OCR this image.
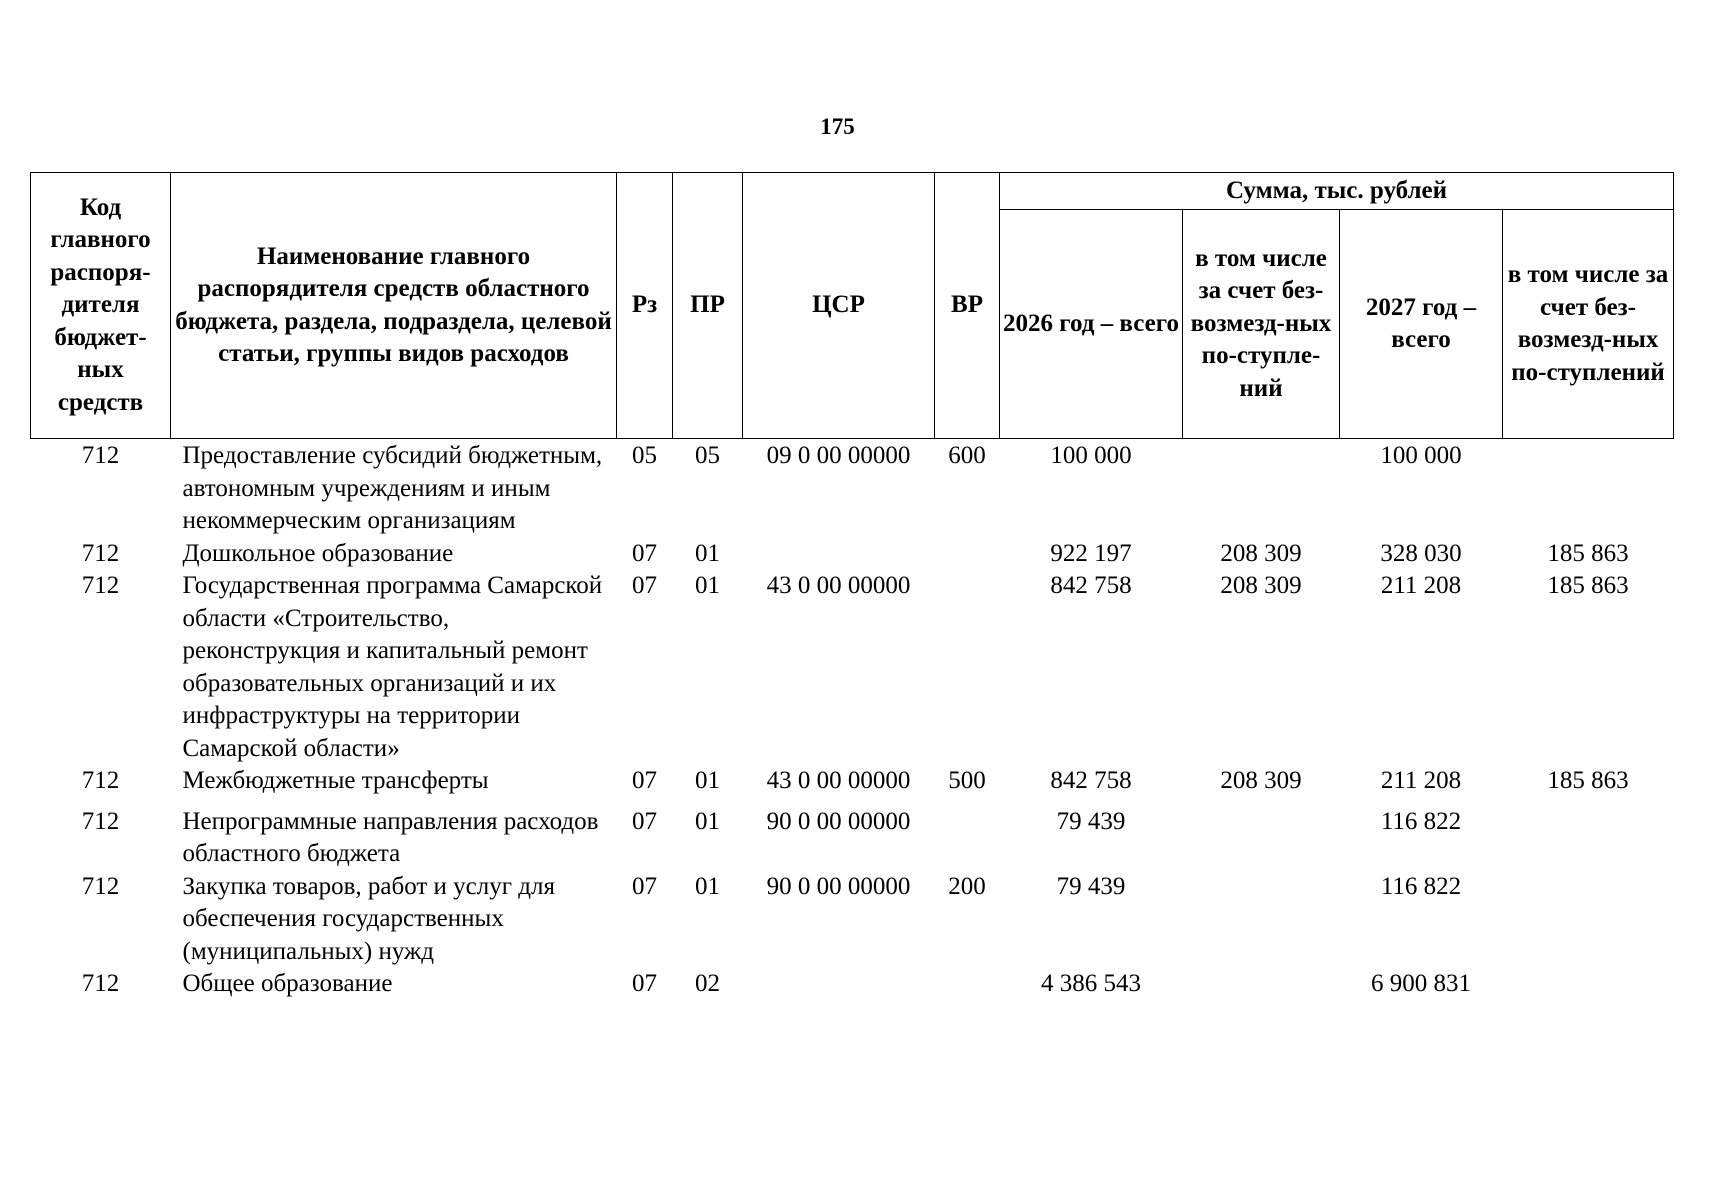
175
Код главного распоря-дителя бюджет-ных средств	Наименование главного распорядителя средств областного бюджета, раздела, подраздела, целевой статьи, группы видов расходов	Рз	ПР	ЦСР	ВР	Сумма, тыс. рублей			
						2026 год – всего	в том числе за счет без-возмезд-ных по-ступле-ний	2027 год – всего	в том числе за счет без-возмезд-ных по-ступлений
712	Предоставление субсидий бюджетным, автономным учреждениям и иным некоммерческим организациям	05	05	09 0 00 00000	600	100 000		100 000	
712	Дошкольное образование	07	01			922 197	208 309	328 030	185 863
712	Государственная программа Самарской области «Строительство, реконструкция и капитальный ремонт образовательных организаций и их инфраструктуры на территории Самарской области»	07	01	43 0 00 00000		842 758	208 309	211 208	185 863
712	Межбюджетные трансферты	07	01	43 0 00 00000	500	842 758	208 309	211 208	185 863
712	Непрограммные направления расходов областного бюджета	07	01	90 0 00 00000		79 439		116 822	
712	Закупка товаров, работ и услуг для обеспечения государственных (муниципальных) нужд	07	01	90 0 00 00000	200	79 439		116 822	
712	Общее образование	07	02			4 386 543		6 900 831	
